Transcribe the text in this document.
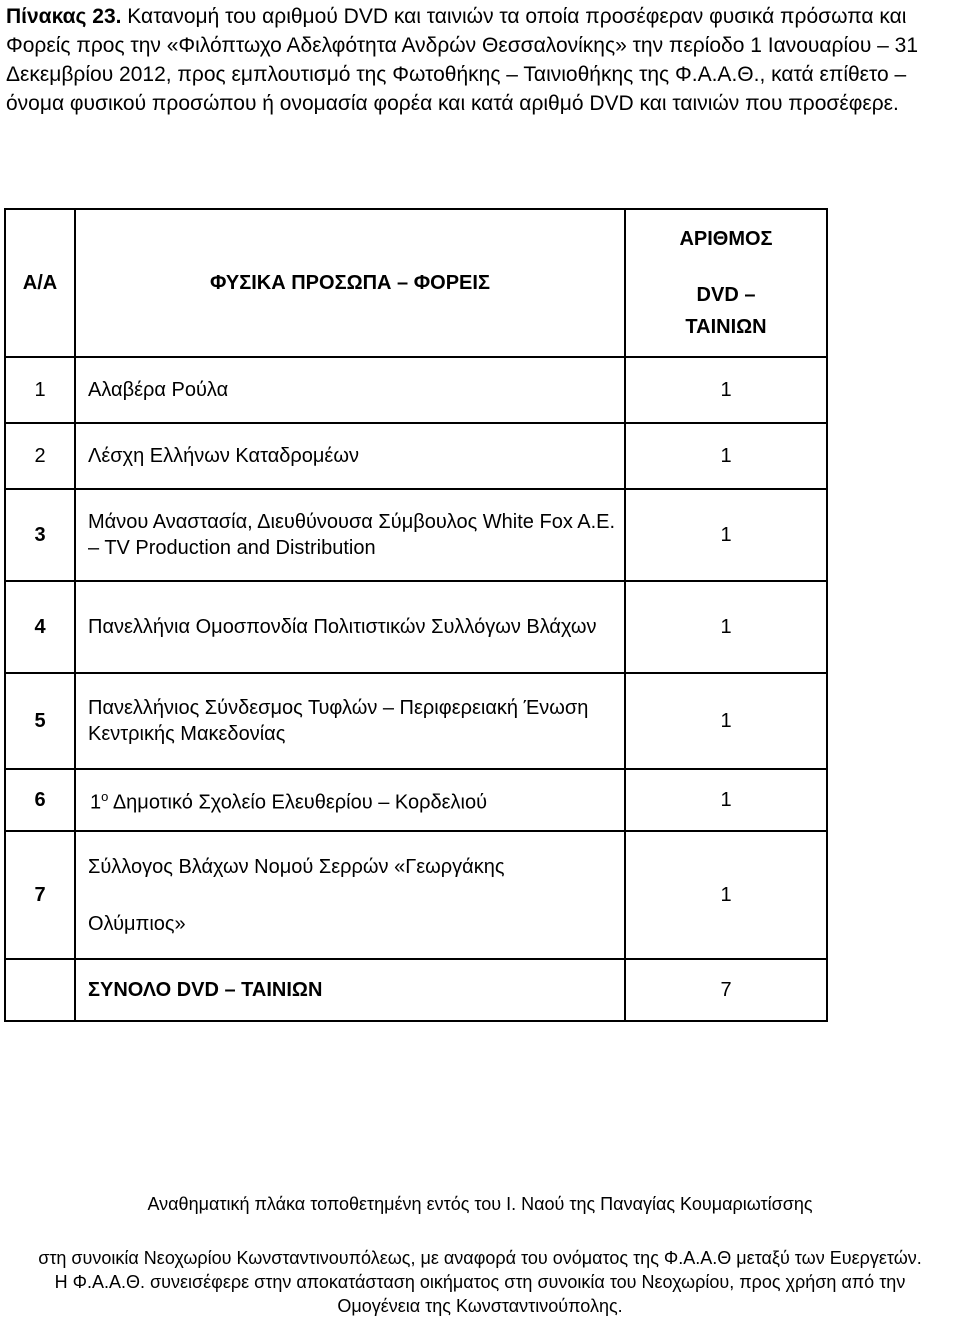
Πίνακας 23. Κατανομή του αριθμού DVD και ταινιών τα οποία προσέφεραν φυσικά πρόσωπα και Φορείς προς την «Φιλόπτωχο Αδελφότητα Ανδρών Θεσσαλονίκης» την περίοδο 1 Ιανουαρίου – 31 Δεκεμβρίου 2012, προς εμπλουτισμό της Φωτοθήκης – Ταινιοθήκης της Φ.Α.Α.Θ., κατά επίθετο – όνομα φυσικού προσώπου ή ονομασία φορέα και κατά αριθμό DVD και ταινιών που προσέφερε.
Α/Α	ΦΥΣΙΚΑ ΠΡΟΣΩΠΑ – ΦΟΡΕΙΣ	ΑΡΙΘΜΟΣ
DVD –
ΤΑΙΝΙΩΝ

1	Αλαβέρα Ρούλα	1
2	Λέσχη Ελλήνων Καταδρομέων	1
3	Μάνου Αναστασία, Διευθύνουσα Σύμβουλος White Fox A.E. – TV Production and Distribution	1
4	Πανελλήνια Ομοσπονδία Πολιτιστικών Συλλόγων Βλάχων	1
5	Πανελλήνιος Σύνδεσμος Τυφλών – Περιφερειακή Ένωση Κεντρικής Μακεδονίας	1
6	$1^o$ Δημοτικό Σχολείο Ελευθερίου – Κορδελιού	1
7	Σύλλογος Βλάχων Νομού Σερρών «Γεωργάκης
Ολύμπιος»	1
	ΣΥΝΟΛΟ DVD – ΤΑΙΝΙΩΝ	7
Αναθηματική πλάκα τοποθετημένη εντός του Ι. Ναού της Παναγίας Κουμαριωτίσσης
στη συνοικία Νεοχωρίου Κωνσταντινουπόλεως, με αναφορά του ονόματος της Φ.Α.Α.Θ μεταξύ των Ευεργετών. Η Φ.Α.Α.Θ. συνεισέφερε στην αποκατάσταση οικήματος στη συνοικία του Νεοχωρίου, προς χρήση από την Ομογένεια της Κωνσταντινούπολης.
